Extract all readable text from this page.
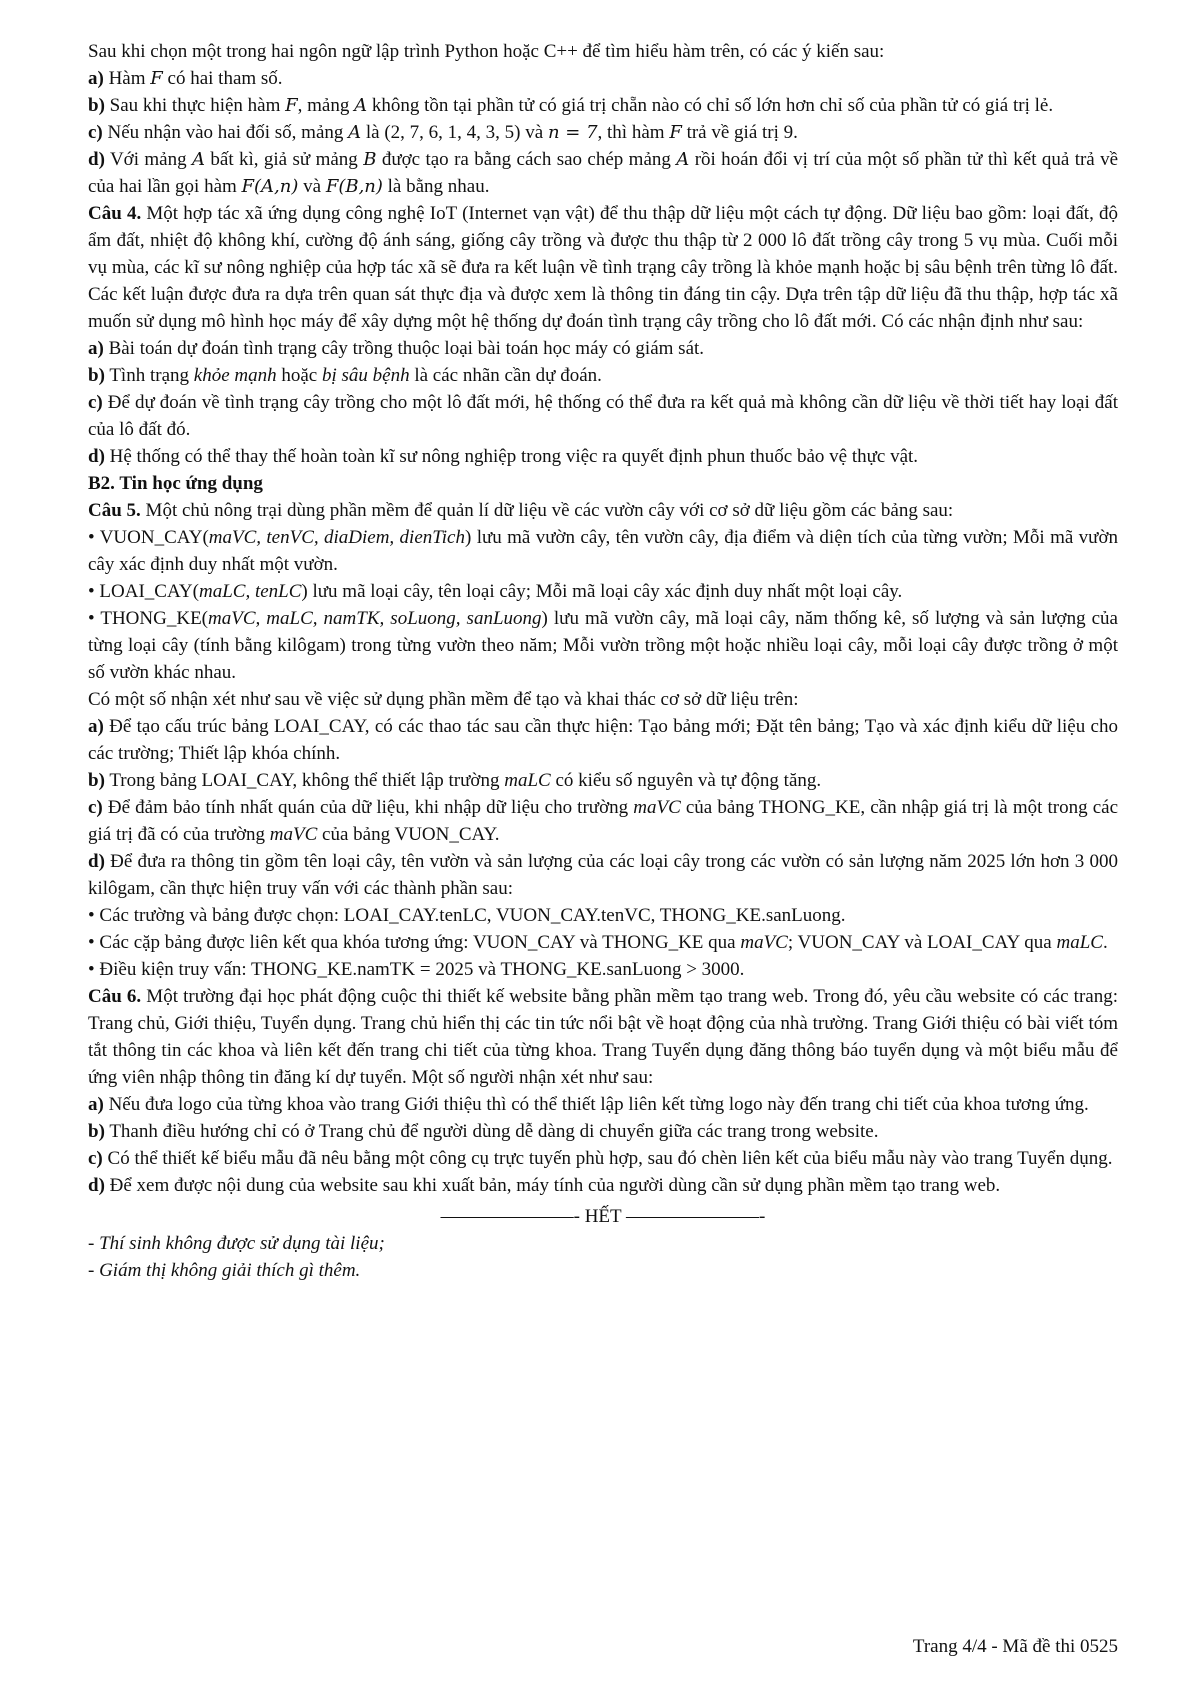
Sau khi chọn một trong hai ngôn ngữ lập trình Python hoặc C++ để tìm hiểu hàm trên, có các ý kiến sau:

a) Hàm F có hai tham số.

b) Sau khi thực hiện hàm F, mảng A không tồn tại phần tử có giá trị chẵn nào có chỉ số lớn hơn chỉ số của phần tử có giá trị lẻ.

c) Nếu nhận vào hai đối số, mảng A là (2, 7, 6, 1, 4, 3, 5) và n = 7, thì hàm F trả về giá trị 9.

d) Với mảng A bất kì, giả sử mảng B được tạo ra bằng cách sao chép mảng A rồi hoán đổi vị trí của một số phần tử thì kết quả trả về của hai lần gọi hàm F(A,n) và F(B,n) là bằng nhau.

Câu 4. Một hợp tác xã ứng dụng công nghệ IoT (Internet vạn vật) để thu thập dữ liệu một cách tự động. Dữ liệu bao gồm: loại đất, độ ẩm đất, nhiệt độ không khí, cường độ ánh sáng, giống cây trồng và được thu thập từ 2 000 lô đất trồng cây trong 5 vụ mùa. Cuối mỗi vụ mùa, các kĩ sư nông nghiệp của hợp tác xã sẽ đưa ra kết luận về tình trạng cây trồng là khỏe mạnh hoặc bị sâu bệnh trên từng lô đất. Các kết luận được đưa ra dựa trên quan sát thực địa và được xem là thông tin đáng tin cậy. Dựa trên tập dữ liệu đã thu thập, hợp tác xã muốn sử dụng mô hình học máy để xây dựng một hệ thống dự đoán tình trạng cây trồng cho lô đất mới. Có các nhận định như sau:

a) Bài toán dự đoán tình trạng cây trồng thuộc loại bài toán học máy có giám sát.

b) Tình trạng khỏe mạnh hoặc bị sâu bệnh là các nhãn cần dự đoán.

c) Để dự đoán về tình trạng cây trồng cho một lô đất mới, hệ thống có thể đưa ra kết quả mà không cần dữ liệu về thời tiết hay loại đất của lô đất đó.

d) Hệ thống có thể thay thế hoàn toàn kĩ sư nông nghiệp trong việc ra quyết định phun thuốc bảo vệ thực vật.

B2. Tin học ứng dụng

Câu 5. Một chủ nông trại dùng phần mềm để quản lí dữ liệu về các vườn cây với cơ sở dữ liệu gồm các bảng sau:

• VUON_CAY(maVC, tenVC, diaDiem, dienTich) lưu mã vườn cây, tên vườn cây, địa điểm và diện tích của từng vườn; Mỗi mã vườn cây xác định duy nhất một vườn.

• LOAI_CAY(maLC, tenLC) lưu mã loại cây, tên loại cây; Mỗi mã loại cây xác định duy nhất một loại cây.

• THONG_KE(maVC, maLC, namTK, soLuong, sanLuong) lưu mã vườn cây, mã loại cây, năm thống kê, số lượng và sản lượng của từng loại cây (tính bằng kilôgam) trong từng vườn theo năm; Mỗi vườn trồng một hoặc nhiều loại cây, mỗi loại cây được trồng ở một số vườn khác nhau.

Có một số nhận xét như sau về việc sử dụng phần mềm để tạo và khai thác cơ sở dữ liệu trên:

a) Để tạo cấu trúc bảng LOAI_CAY, có các thao tác sau cần thực hiện: Tạo bảng mới; Đặt tên bảng; Tạo và xác định kiểu dữ liệu cho các trường; Thiết lập khóa chính.

b) Trong bảng LOAI_CAY, không thể thiết lập trường maLC có kiểu số nguyên và tự động tăng.

c) Để đảm bảo tính nhất quán của dữ liệu, khi nhập dữ liệu cho trường maVC của bảng THONG_KE, cần nhập giá trị là một trong các giá trị đã có của trường maVC của bảng VUON_CAY.

d) Để đưa ra thông tin gồm tên loại cây, tên vườn và sản lượng của các loại cây trong các vườn có sản lượng năm 2025 lớn hơn 3 000 kilôgam, cần thực hiện truy vấn với các thành phần sau:

• Các trường và bảng được chọn: LOAI_CAY.tenLC, VUON_CAY.tenVC, THONG_KE.sanLuong.

• Các cặp bảng được liên kết qua khóa tương ứng: VUON_CAY và THONG_KE qua maVC; VUON_CAY và LOAI_CAY qua maLC.

• Điều kiện truy vấn: THONG_KE.namTK = 2025 và THONG_KE.sanLuong > 3000.

Câu 6. Một trường đại học phát động cuộc thi thiết kế website bằng phần mềm tạo trang web. Trong đó, yêu cầu website có các trang: Trang chủ, Giới thiệu, Tuyển dụng. Trang chủ hiển thị các tin tức nổi bật về hoạt động của nhà trường. Trang Giới thiệu có bài viết tóm tắt thông tin các khoa và liên kết đến trang chi tiết của từng khoa. Trang Tuyển dụng đăng thông báo tuyển dụng và một biểu mẫu để ứng viên nhập thông tin đăng kí dự tuyển. Một số người nhận xét như sau:

a) Nếu đưa logo của từng khoa vào trang Giới thiệu thì có thể thiết lập liên kết từng logo này đến trang chi tiết của khoa tương ứng.

b) Thanh điều hướng chỉ có ở Trang chủ để người dùng dễ dàng di chuyển giữa các trang trong website.

c) Có thể thiết kế biểu mẫu đã nêu bằng một công cụ trực tuyến phù hợp, sau đó chèn liên kết của biểu mẫu này vào trang Tuyển dụng.

d) Để xem được nội dung của website sau khi xuất bản, máy tính của người dùng cần sử dụng phần mềm tạo trang web.

———————- HẾT ———————-

- Thí sinh không được sử dụng tài liệu;

- Giám thị không giải thích gì thêm.

Trang 4/4 - Mã đề thi 0525
